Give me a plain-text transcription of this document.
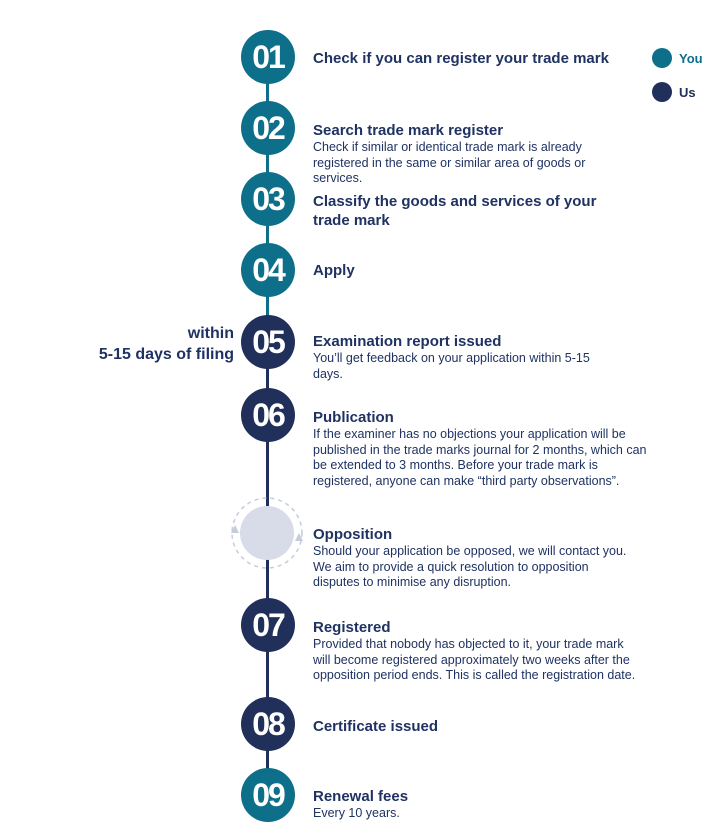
You
Us
within
5-15 days of filing
01	Check if you can register your trade mark
02	Search trade mark register
Check if similar or identical trade mark is already registered in the same or similar area of goods or services.
03	Classify the goods and services of your trade mark
04	Apply
05	Examination report issued
You’ll get feedback on your application within 5-15 days.
06	Publication
If the examiner has no objections your application will be published in the trade marks journal for 2 months, which can be extended to 3 months. Before your trade mark is registered, anyone can make “third party observations”.
Opposition
Should your application be opposed, we will contact you. We aim to provide a quick resolution to opposition disputes to minimise any disruption.
07	Registered
Provided that nobody has objected to it, your trade mark will become registered approximately two weeks after the opposition period ends. This is called the registration date.
08	Certificate issued
09	Renewal fees
Every 10 years.
